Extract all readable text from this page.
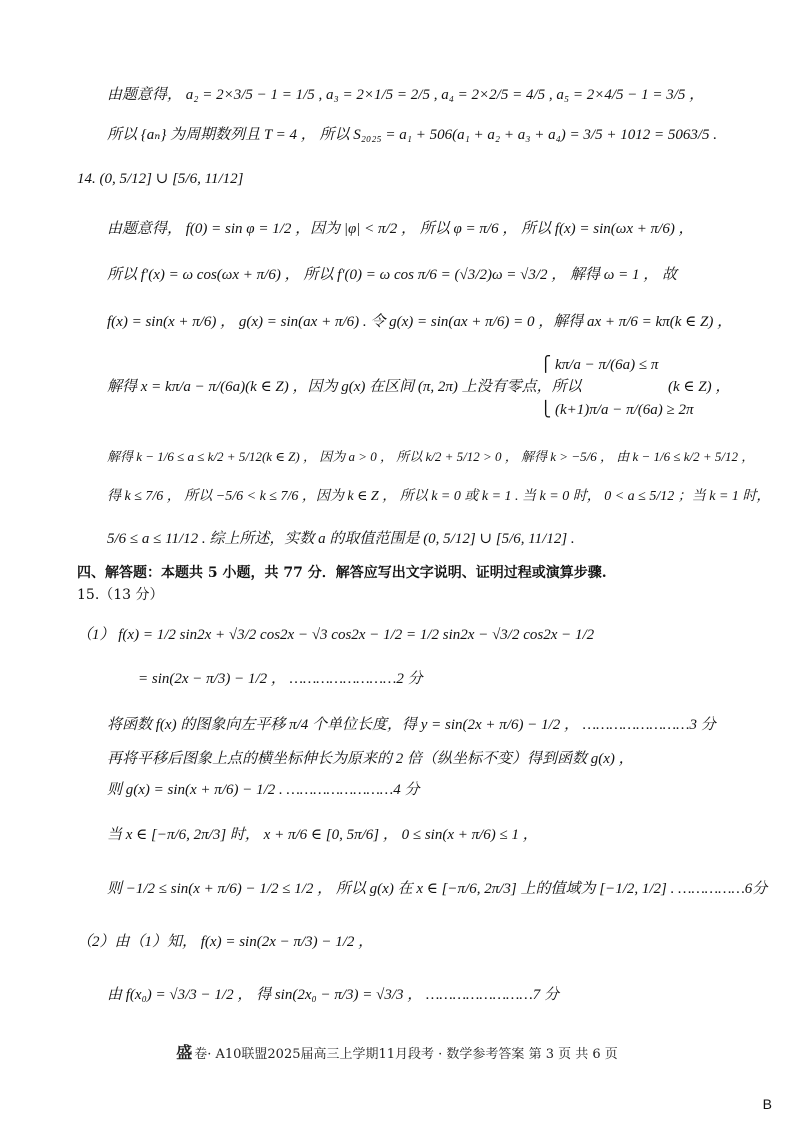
由题意得， a₂ = 2×3/5 − 1 = 1/5 , a₃ = 2×1/5 = 2/5 , a₄ = 2×2/5 = 4/5 , a₅ = 2×4/5 − 1 = 3/5 ，
所以 {aₙ} 为周期数列且 T = 4 ， 所以 S₂₀₂₅ = a₁ + 506(a₁ + a₂ + a₃ + a₄) = 3/5 + 1012 = 5063/5 .
14. (0, 5/12] ∪ [5/6, 11/12]
由题意得， f(0) = sin φ = 1/2 ，因为 |φ| < π/2 ， 所以 φ = π/6 ， 所以 f(x) = sin(ωx + π/6) ，
所以 f′(x) = ω cos(ωx + π/6) ， 所以 f′(0) = ω cos π/6 = (√3/2)ω = √3/2 ， 解得 ω = 1 ， 故
f(x) = sin(x + π/6) ， g(x) = sin(ax + π/6) . 令 g(x) = sin(ax + π/6) = 0 ，解得 ax + π/6 = kπ(k ∈ Z) ，
⎧ kπ/a − π/(6a) ≤ π
解得 x = kπ/a − π/(6a)(k ∈ Z) ，因为 g(x) 在区间 (π, 2π) 上没有零点，所以	(k ∈ Z) ，
⎩ (k+1)π/a − π/(6a) ≥ 2π
解得 k − 1/6 ≤ a ≤ k/2 + 5/12(k ∈ Z) ， 因为 a > 0 ， 所以 k/2 + 5/12 > 0 ， 解得 k > −5/6 ， 由 k − 1/6 ≤ k/2 + 5/12 ，
得 k ≤ 7/6 ， 所以 −5/6 < k ≤ 7/6 ，因为 k ∈ Z ， 所以 k = 0 或 k = 1 . 当 k = 0 时， 0 < a ≤ 5/12 ；当 k = 1 时，
5/6 ≤ a ≤ 11/12 . 综上所述，实数 a 的取值范围是 (0, 5/12] ∪ [5/6, 11/12] .
四、解答题：本题共 5 小题，共 77 分．解答应写出文字说明、证明过程或演算步骤.
15.（13 分）
（1） f(x) = 1/2 sin2x + √3/2 cos2x − √3 cos2x − 1/2 = 1/2 sin2x − √3/2 cos2x − 1/2
= sin(2x − π/3) − 1/2 ， ……………………2 分
将函数 f(x) 的图象向左平移 π/4 个单位长度，得 y = sin(2x + π/6) − 1/2 ， ……………………3 分
再将平移后图象上点的横坐标伸长为原来的 2 倍（纵坐标不变）得到函数 g(x) ，
则 g(x) = sin(x + π/6) − 1/2 . ……………………4 分
当 x ∈ [−π/6, 2π/3] 时， x + π/6 ∈ [0, 5π/6] ， 0 ≤ sin(x + π/6) ≤ 1 ，
则 −1/2 ≤ sin(x + π/6) − 1/2 ≤ 1/2 ， 所以 g(x) 在 x ∈ [−π/6, 2π/3] 上的值域为 [−1/2, 1/2] . ……………6分
（2）由（1）知， f(x) = sin(2x − π/3) − 1/2 ，
由 f(x₀) = √3/3 − 1/2 ， 得 sin(2x₀ − π/3) = √3/3 ， ……………………7 分
盛 卷· A10联盟2025届高三上学期11月段考 · 数学参考答案 第 3 页 共 6 页
B
